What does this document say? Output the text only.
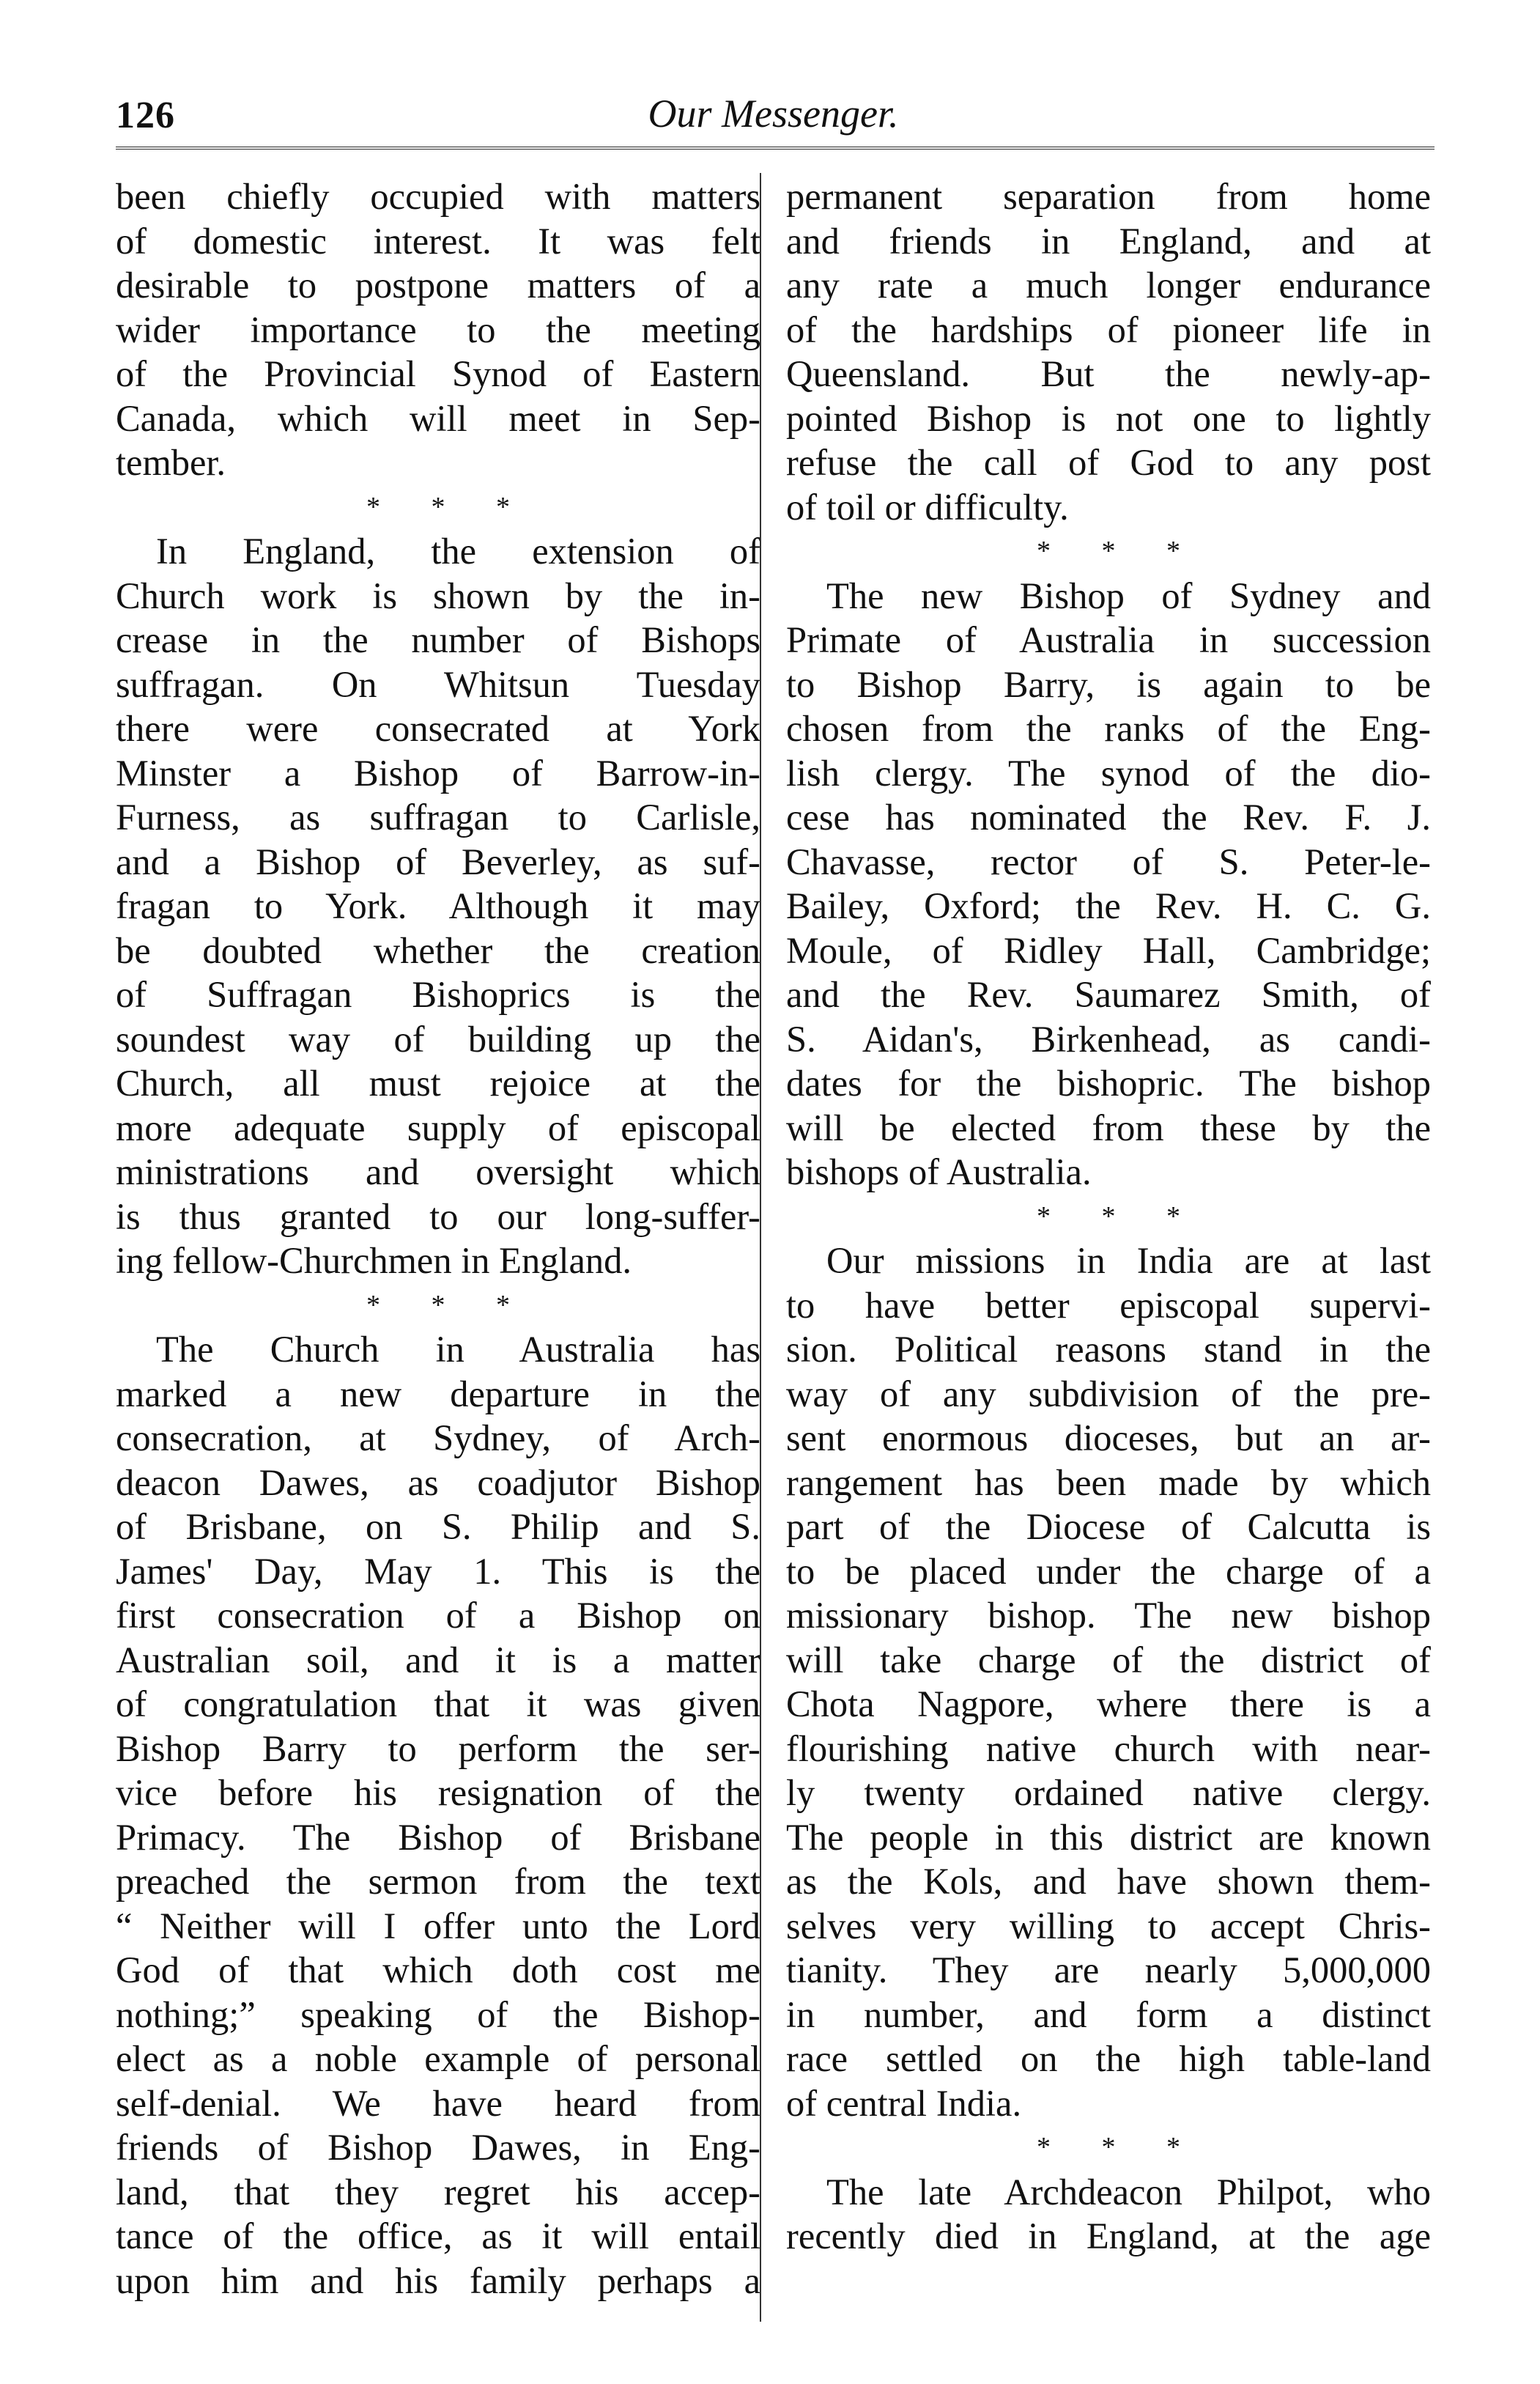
126	Our Messenger.
been chiefly occupied with matters
of domestic interest. It was felt
desirable to postpone matters of a
wider importance to the meeting
of the Provincial Synod of Eastern
Canada, which will meet in Sep-
tember.
* * *
In England, the extension of
Church work is shown by the in-
crease in the number of Bishops
suffragan. On Whitsun Tuesday
there were consecrated at York
Minster a Bishop of Barrow-in-
Furness, as suffragan to Carlisle,
and a Bishop of Beverley, as suf-
fragan to York. Although it may
be doubted whether the creation
of Suffragan Bishoprics is the
soundest way of building up the
Church, all must rejoice at the
more adequate supply of episcopal
ministrations and oversight which
is thus granted to our long-suffer-
ing fellow-Churchmen in England.
* * *
The Church in Australia has
marked a new departure in the
consecration, at Sydney, of Arch-
deacon Dawes, as coadjutor Bishop
of Brisbane, on S. Philip and S.
James' Day, May 1. This is the
first consecration of a Bishop on
Australian soil, and it is a matter
of congratulation that it was given
Bishop Barry to perform the ser-
vice before his resignation of the
Primacy. The Bishop of Brisbane
preached the sermon from the text
“ Neither will I offer unto the Lord
God of that which doth cost me
nothing;” speaking of the Bishop-
elect as a noble example of personal
self-denial. We have heard from
friends of Bishop Dawes, in Eng-
land, that they regret his accep-
tance of the office, as it will entail
upon him and his family perhaps a
permanent separation from home
and friends in England, and at
any rate a much longer endurance
of the hardships of pioneer life in
Queensland. But the newly-ap-
pointed Bishop is not one to lightly
refuse the call of God to any post
of toil or difficulty.
* * *
The new Bishop of Sydney and
Primate of Australia in succession
to Bishop Barry, is again to be
chosen from the ranks of the Eng-
lish clergy. The synod of the dio-
cese has nominated the Rev. F. J.
Chavasse, rector of S. Peter-le-
Bailey, Oxford; the Rev. H. C. G.
Moule, of Ridley Hall, Cambridge;
and the Rev. Saumarez Smith, of
S. Aidan's, Birkenhead, as candi-
dates for the bishopric. The bishop
will be elected from these by the
bishops of Australia.
* * *
Our missions in India are at last
to have better episcopal supervi-
sion. Political reasons stand in the
way of any subdivision of the pre-
sent enormous dioceses, but an ar-
rangement has been made by which
part of the Diocese of Calcutta is
to be placed under the charge of a
missionary bishop. The new bishop
will take charge of the district of
Chota Nagpore, where there is a
flourishing native church with near-
ly twenty ordained native clergy.
The people in this district are known
as the Kols, and have shown them-
selves very willing to accept Chris-
tianity. They are nearly 5,000,000
in number, and form a distinct
race settled on the high table-land
of central India.
* * *
The late Archdeacon Philpot, who
recently died in England, at the age
